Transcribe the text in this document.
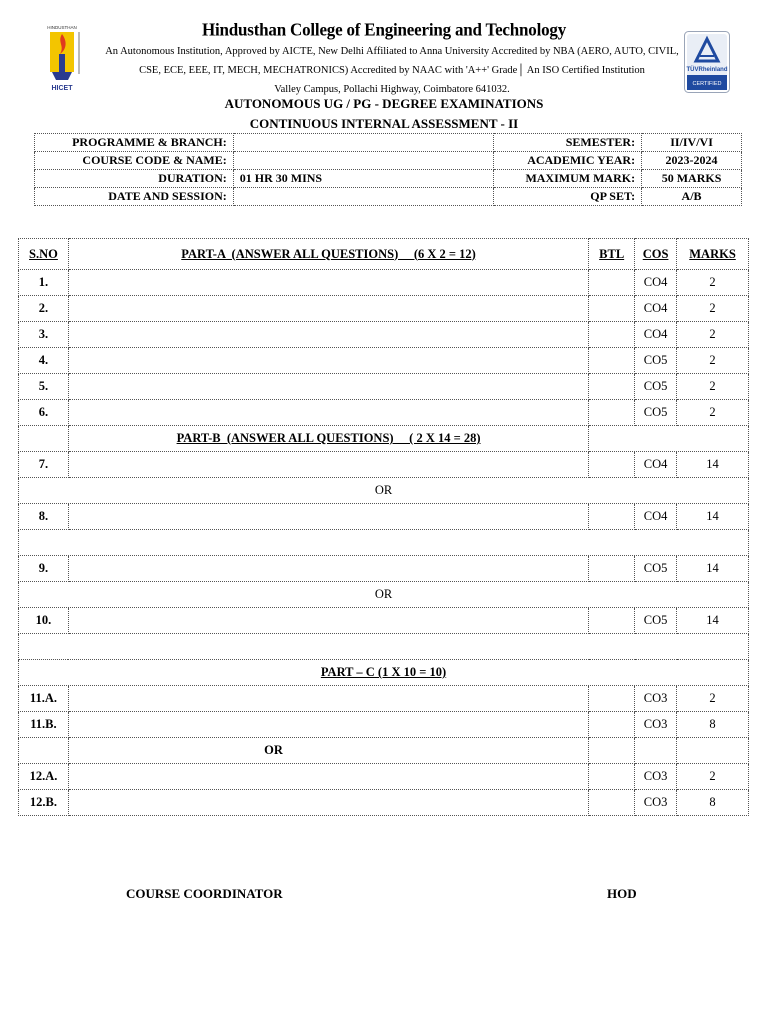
HINDUSTHAN
HICET
Hindusthan College of Engineering and Technology
An Autonomous Institution, Approved by AICTE, New Delhi Affiliated to Anna University Accredited by NBA (AERO, AUTO, CIVIL,
CSE, ECE, EEE, IT, MECH, MECHATRONICS) Accredited by NAAC with 'A++' Grade│ An ISO Certified Institution
Valley Campus, Pollachi Highway, Coimbatore 641032.
TÜVRheinland
CERTIFIED
AUTONOMOUS UG / PG - DEGREE EXAMINATIONS
CONTINUOUS INTERNAL ASSESSMENT - II
PROGRAMME & BRANCH:		SEMESTER:	II/IV/VI
COURSE CODE & NAME:		ACADEMIC YEAR:	2023-2024
DURATION:	01 HR 30 MINS	MAXIMUM MARK:	50 MARKS
DATE AND SESSION:		QP SET:	A/B
S.NO	PART-A  (ANSWER ALL QUESTIONS)     (6 X 2 = 12)	BTL	COS	MARKS
1.			CO4	2
2.			CO4	2
3.			CO4	2
4.			CO5	2
5.			CO5	2
6.			CO5	2
	PART-B  (ANSWER ALL QUESTIONS)     ( 2 X 14 = 28)			
7.			CO4	14
OR				
8.			CO4	14

9.			CO5	14
OR				
10.			CO5	14

PART – C (1 X 10 = 10)				
11.A.			CO3	2
11.B.			CO3	8
	OR			
12.A.			CO3	2
12.B.			CO3	8
COURSE COORDINATOR	HOD
